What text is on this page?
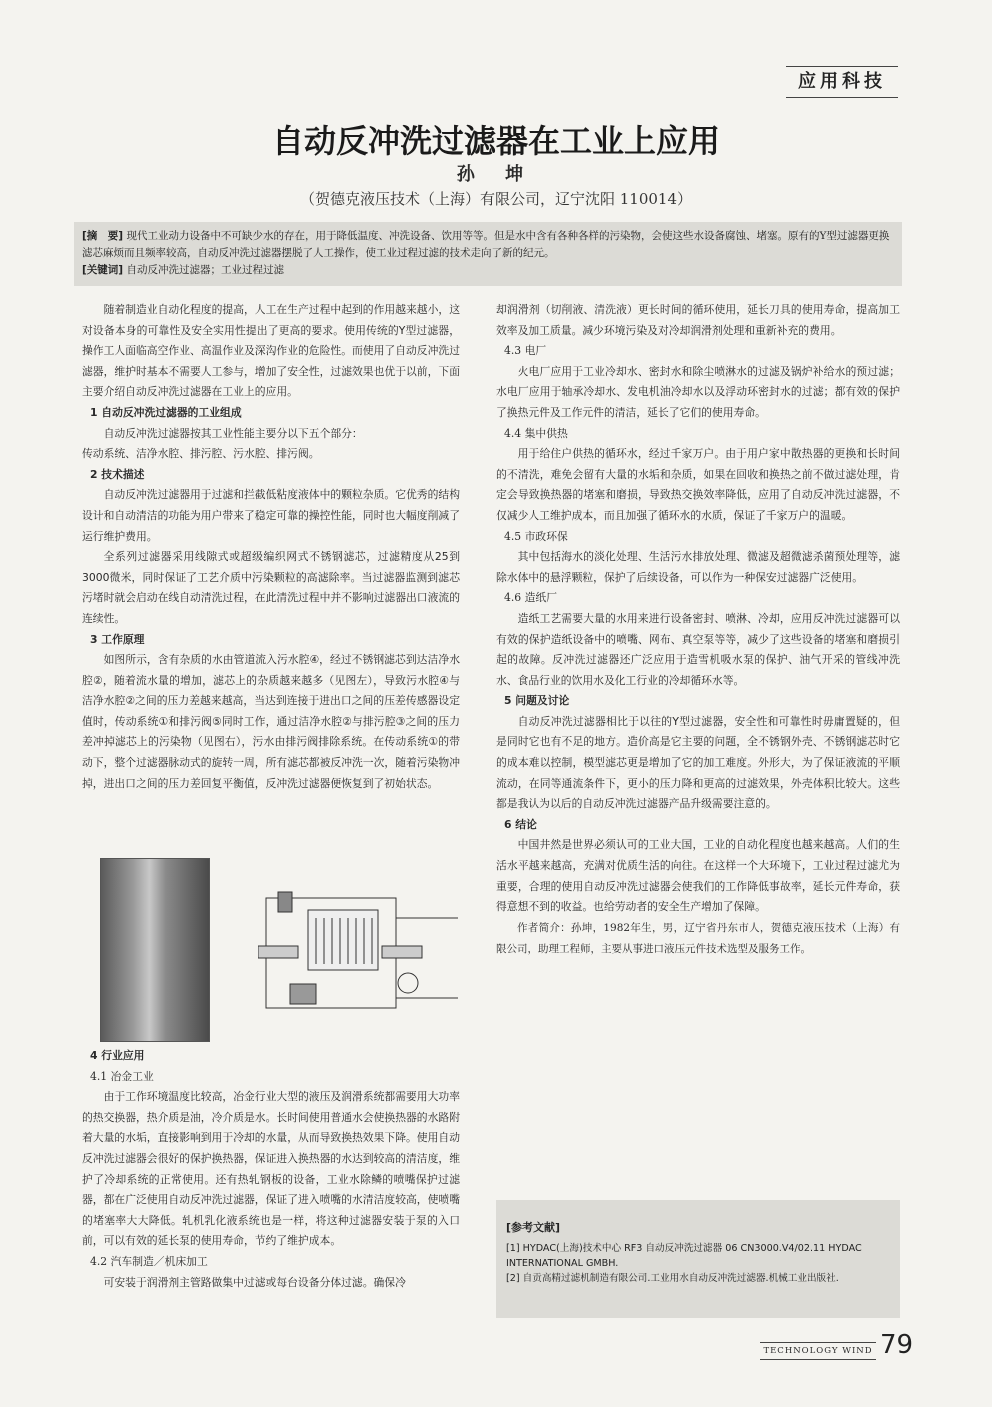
应用科技
自动反冲洗过滤器在工业上应用
孙 坤
（贺德克液压技术（上海）有限公司，辽宁沈阳 110014）
[摘　要] 现代工业动力设备中不可缺少水的存在，用于降低温度、冲洗设备、饮用等等。但是水中含有各种各样的污染物，会使这些水设备腐蚀、堵塞。原有的Y型过滤器更换滤芯麻烦而且频率较高，自动反冲洗过滤器摆脱了人工操作，使工业过程过滤的技术走向了新的纪元。
[关键词] 自动反冲洗过滤器；工业过程过滤

随着制造业自动化程度的提高，人工在生产过程中起到的作用越来越小，这对设备本身的可靠性及安全实用性提出了更高的要求。使用传统的Y型过滤器，操作工人面临高空作业、高温作业及深沟作业的危险性。而使用了自动反冲洗过滤器，维护时基本不需要人工参与，增加了安全性，过滤效果也优于以前，下面主要介绍自动反冲洗过滤器在工业上的应用。

1 自动反冲洗过滤器的工业组成

自动反冲洗过滤器按其工业性能主要分以下五个部分：

传动系统、洁净水腔、排污腔、污水腔、排污阀。

2 技术描述

自动反冲洗过滤器用于过滤和拦截低粘度液体中的颗粒杂质。它优秀的结构设计和自动清洁的功能为用户带来了稳定可靠的操控性能，同时也大幅度削减了运行维护费用。

全系列过滤器采用线隙式或超级编织网式不锈钢滤芯，过滤精度从25到3000微米，同时保证了工艺介质中污染颗粒的高滤除率。当过滤器监测到滤芯污堵时就会启动在线自动清洗过程，在此清洗过程中并不影响过滤器出口液流的连续性。

3 工作原理

如图所示，含有杂质的水由管道流入污水腔④，经过不锈钢滤芯到达洁净水腔②，随着流水量的增加，滤芯上的杂质越来越多（见图左），导致污水腔④与洁净水腔②之间的压力差越来越高，当达到连接于进出口之间的压差传感器设定值时，传动系统①和排污阀⑤同时工作，通过洁净水腔②与排污腔③之间的压力差冲掉滤芯上的污染物（见图右），污水由排污阀排除系统。在传动系统①的带动下，整个过滤器脉动式的旋转一周，所有滤芯都被反冲洗一次，随着污染物冲掉，进出口之间的压力差回复平衡值，反冲洗过滤器便恢复到了初始状态。

4 行业应用

4.1 冶金工业

由于工作环境温度比较高，冶金行业大型的液压及润滑系统都需要用大功率的热交换器，热介质是油，冷介质是水。长时间使用普通水会使换热器的水路附着大量的水垢，直接影响到用于冷却的水量，从而导致换热效果下降。使用自动反冲洗过滤器会很好的保护换热器，保证进入换热器的水达到较高的清洁度，维护了冷却系统的正常使用。还有热轧钢板的设备，工业水除鳞的喷嘴保护过滤器，都在广泛使用自动反冲洗过滤器，保证了进入喷嘴的水清洁度较高，使喷嘴的堵塞率大大降低。轧机乳化液系统也是一样，将这种过滤器安装于泵的入口前，可以有效的延长泵的使用寿命，节约了维护成本。

4.2 汽车制造／机床加工

可安装于润滑剂主管路做集中过滤或每台设备分体过滤。确保冷

却润滑剂（切削液、清洗液）更长时间的循环使用，延长刀具的使用寿命，提高加工效率及加工质量。减少环境污染及对冷却润滑剂处理和重新补充的费用。

4.3 电厂

火电厂应用于工业冷却水、密封水和除尘喷淋水的过滤及锅炉补给水的预过滤；水电厂应用于轴承冷却水、发电机油冷却水以及浮动环密封水的过滤；都有效的保护了换热元件及工作元件的清洁，延长了它们的使用寿命。

4.4 集中供热

用于给住户供热的循环水，经过千家万户。由于用户家中散热器的更换和长时间的不清洗，难免会留有大量的水垢和杂质，如果在回收和换热之前不做过滤处理，肯定会导致换热器的堵塞和磨损，导致热交换效率降低，应用了自动反冲洗过滤器，不仅减少人工维护成本，而且加强了循环水的水质，保证了千家万户的温暖。

4.5 市政环保

其中包括海水的淡化处理、生活污水排放处理、微滤及超微滤杀菌预处理等，滤除水体中的悬浮颗粒，保护了后续设备，可以作为一种保安过滤器广泛使用。

4.6 造纸厂

造纸工艺需要大量的水用来进行设备密封、喷淋、冷却，应用反冲洗过滤器可以有效的保护造纸设备中的喷嘴、网布、真空泵等等，减少了这些设备的堵塞和磨损引起的故障。反冲洗过滤器还广泛应用于造雪机吸水泵的保护、油气开采的管线冲洗水、食品行业的饮用水及化工行业的冷却循环水等。

5 问题及讨论

自动反冲洗过滤器相比于以往的Y型过滤器，安全性和可靠性时毋庸置疑的，但是同时它也有不足的地方。造价高是它主要的问题，全不锈钢外壳、不锈钢滤芯时它的成本难以控制，模型滤芯更是增加了它的加工难度。外形大，为了保证液流的平顺流动，在同等通流条件下，更小的压力降和更高的过滤效果，外壳体积比较大。这些都是我认为以后的自动反冲洗过滤器产品升级需要注意的。

6 结论

中国井然是世界必须认可的工业大国，工业的自动化程度也越来越高。人们的生活水平越来越高，充满对优质生活的向往。在这样一个大环境下，工业过程过滤尤为重要，合理的使用自动反冲洗过滤器会使我们的工作降低事故率，延长元件寿命，获得意想不到的收益。也给劳动者的安全生产增加了保障。

作者简介：孙坤，1982年生，男，辽宁省丹东市人，贺德克液压技术（上海）有限公司，助理工程师，主要从事进口液压元件技术选型及服务工作。

[参考文献]

[1] HYDAC(上海)技术中心 RF3 自动反冲洗过滤器 06 CN3000.V4/02.11 HYDAC INTERNATIONAL GMBH.

[2] 自贡高精过滤机制造有限公司.工业用水自动反冲洗过滤器.机械工业出版社.

TECHNOLOGY WIND 79
